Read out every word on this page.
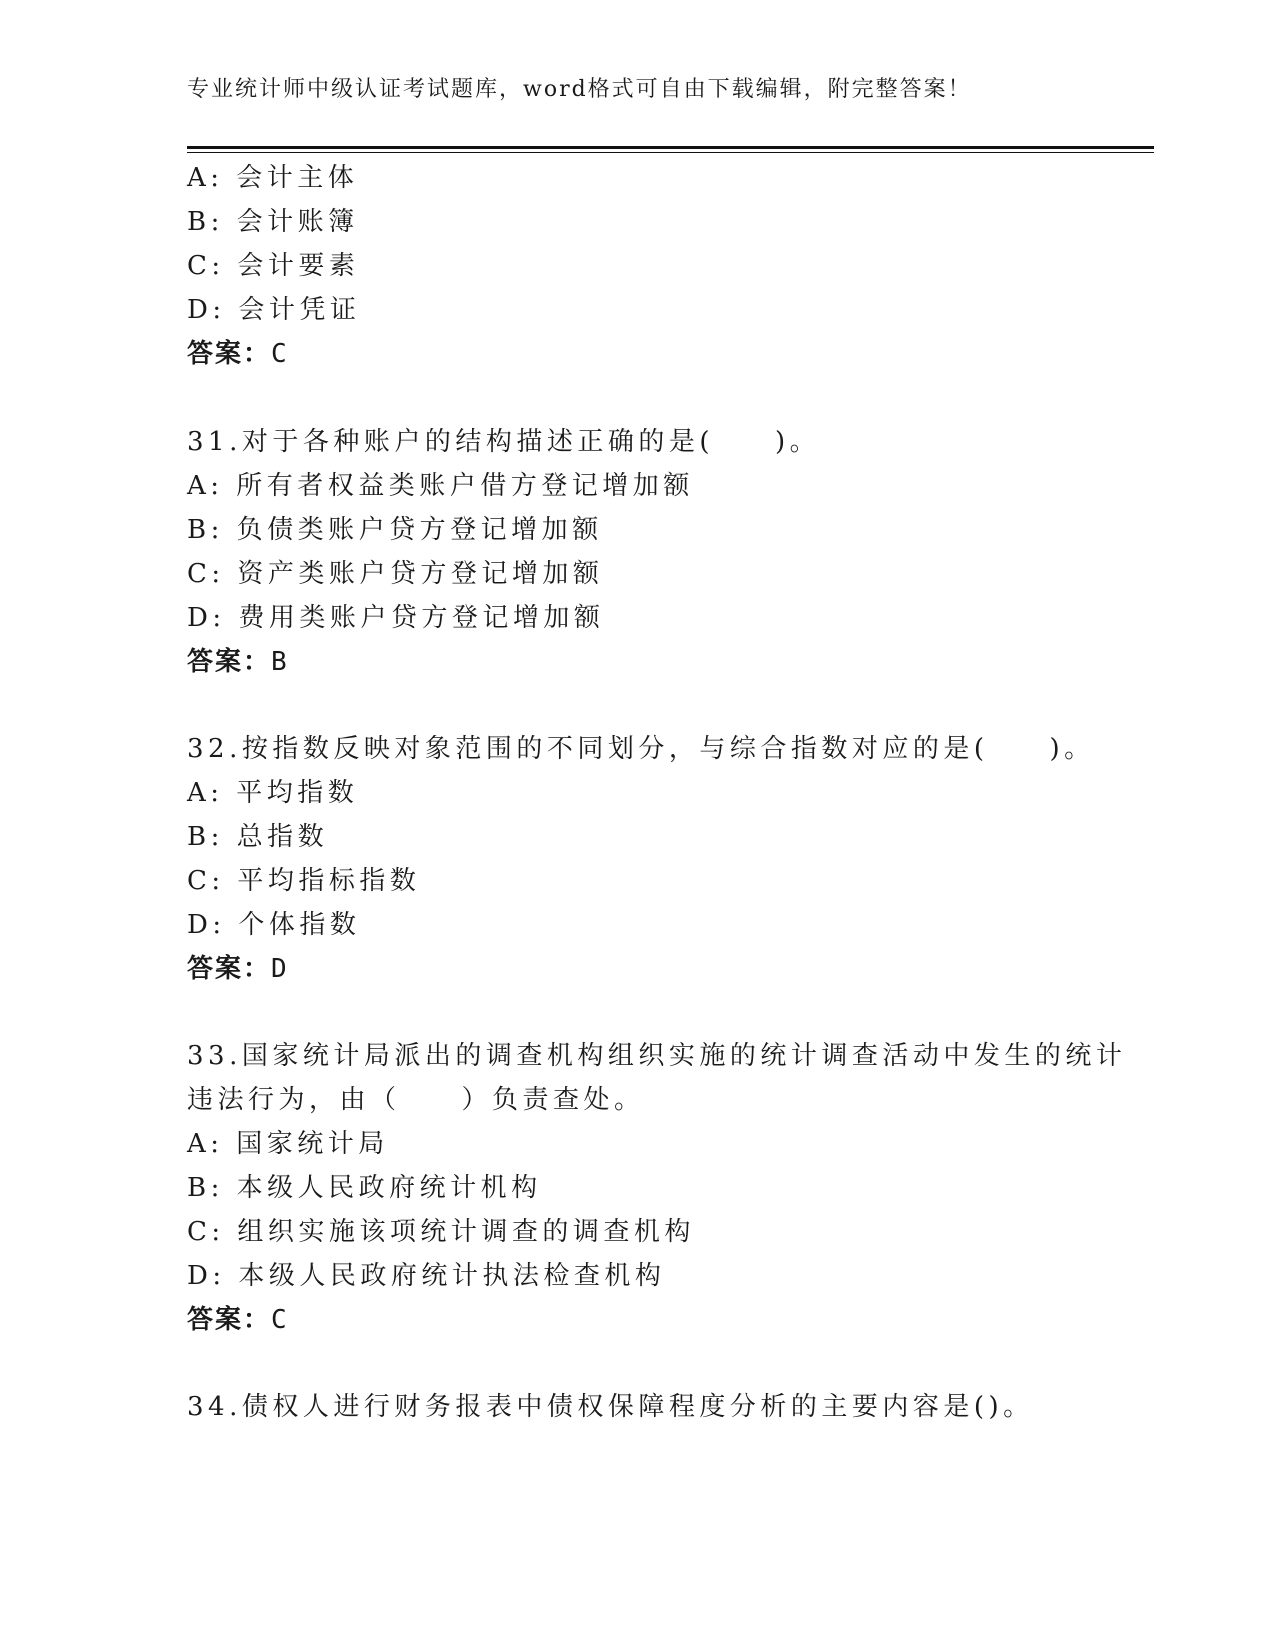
专业统计师中级认证考试题库，word格式可自由下载编辑，附完整答案！
A: 会计主体
B: 会计账簿
C: 会计要素
D: 会计凭证
答案：C
31.对于各种账户的结构描述正确的是(　　)。
A: 所有者权益类账户借方登记增加额
B: 负债类账户贷方登记增加额
C: 资产类账户贷方登记增加额
D: 费用类账户贷方登记增加额
答案：B
32.按指数反映对象范围的不同划分，与综合指数对应的是(　　)。
A: 平均指数
B: 总指数
C: 平均指标指数
D: 个体指数
答案：D
33.国家统计局派出的调查机构组织实施的统计调查活动中发生的统计
违法行为，由（　　）负责查处。
A: 国家统计局
B: 本级人民政府统计机构
C: 组织实施该项统计调查的调查机构
D: 本级人民政府统计执法检查机构
答案：C
34.债权人进行财务报表中债权保障程度分析的主要内容是()。
